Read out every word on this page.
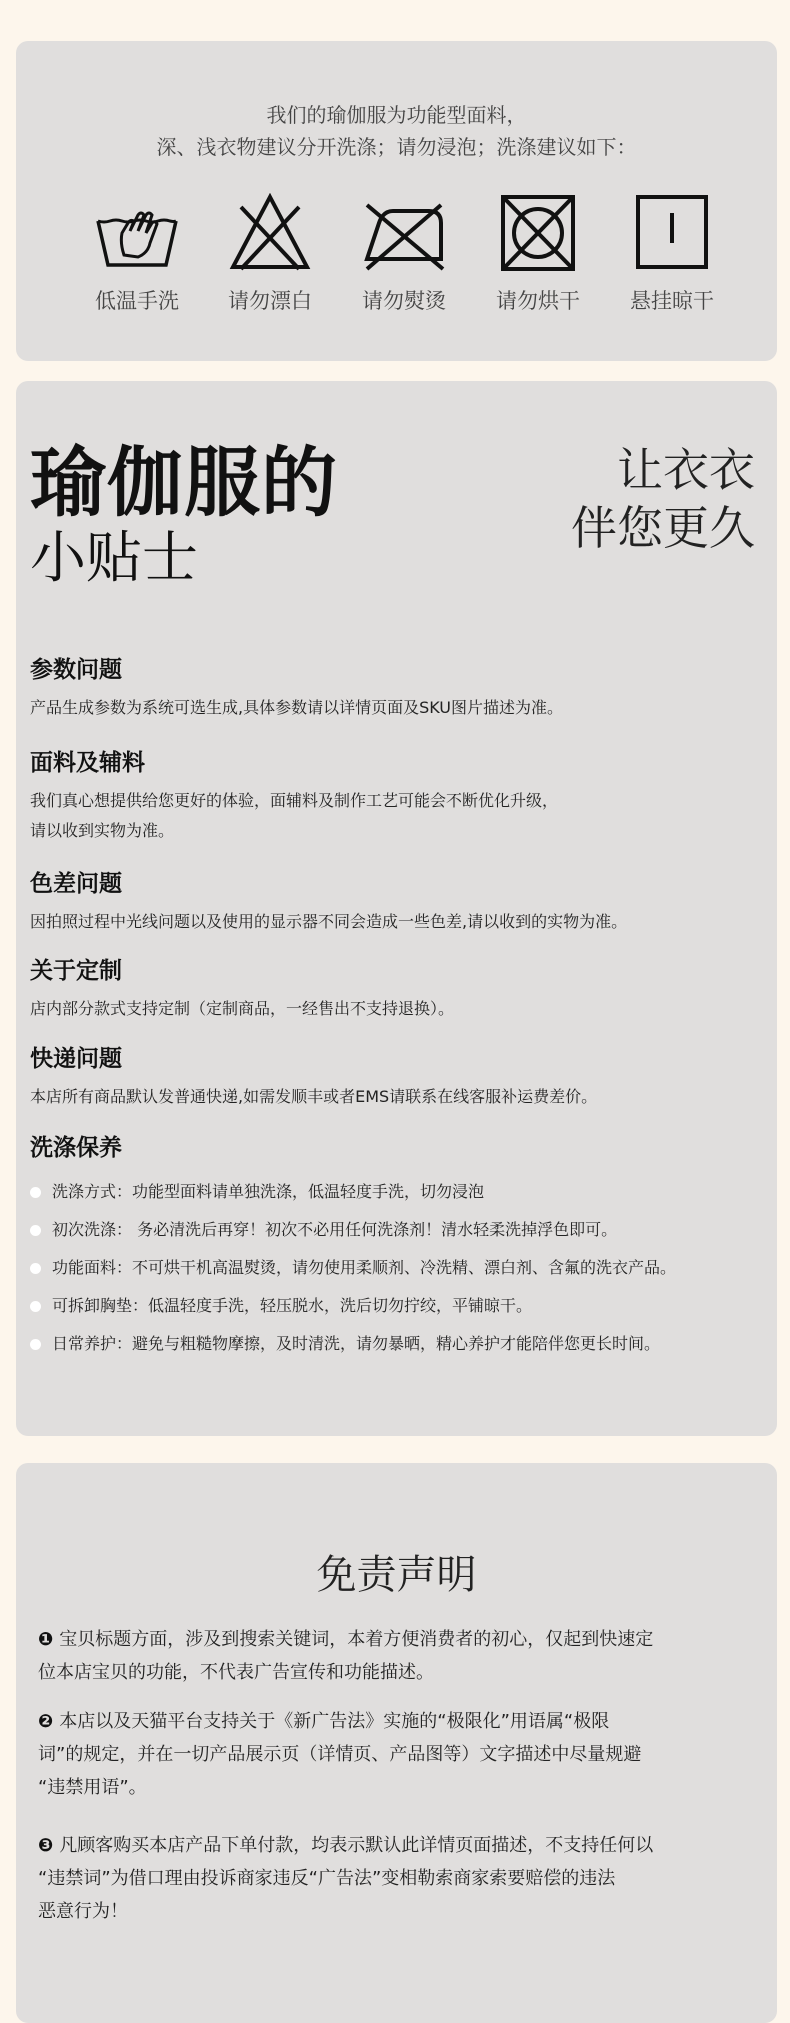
我们的瑜伽服为功能型面料，
深、浅衣物建议分开洗涤；请勿浸泡；洗涤建议如下：
低温手洗	请勿漂白	请勿熨烫	请勿烘干	悬挂晾干
瑜伽服的
小贴士
让衣衣
伴您更久
参数问题

产品生成参数为系统可选生成,具体参数请以详情页面及SKU图片描述为准。

面料及辅料

我们真心想提供给您更好的体验，面辅料及制作工艺可能会不断优化升级，
请以收到实物为准。

色差问题

因拍照过程中光线问题以及使用的显示器不同会造成一些色差,请以收到的实物为准。

关于定制

店内部分款式支持定制（定制商品，一经售出不支持退换）。

快递问题

本店所有商品默认发普通快递,如需发顺丰或者EMS请联系在线客服补运费差价。

洗涤保养
洗涤方式：功能型面料请单独洗涤，低温轻度手洗，切勿浸泡
初次洗涤： 务必清洗后再穿！初次不必用任何洗涤剂！清水轻柔洗掉浮色即可。
功能面料：不可烘干机高温熨烫，请勿使用柔顺剂、冷洗精、漂白剂、含氟的洗衣产品。
可拆卸胸垫：低温轻度手洗，轻压脱水，洗后切勿拧绞，平铺晾干。
日常养护：避免与粗糙物摩擦，及时清洗，请勿暴晒，精心养护才能陪伴您更长时间。
免责声明
❶ 宝贝标题方面，涉及到搜索关键词，本着方便消费者的初心，仅起到快速定
位本店宝贝的功能，不代表广告宣传和功能描述。
❷ 本店以及天猫平台支持关于《新广告法》实施的“极限化”用语属“极限
词”的规定，并在一切产品展示页（详情页、产品图等）文字描述中尽量规避
“违禁用语”。
❸ 凡顾客购买本店产品下单付款，均表示默认此详情页面描述，不支持任何以
“违禁词”为借口理由投诉商家违反“广告法”变相勒索商家索要赔偿的违法
恶意行为！
